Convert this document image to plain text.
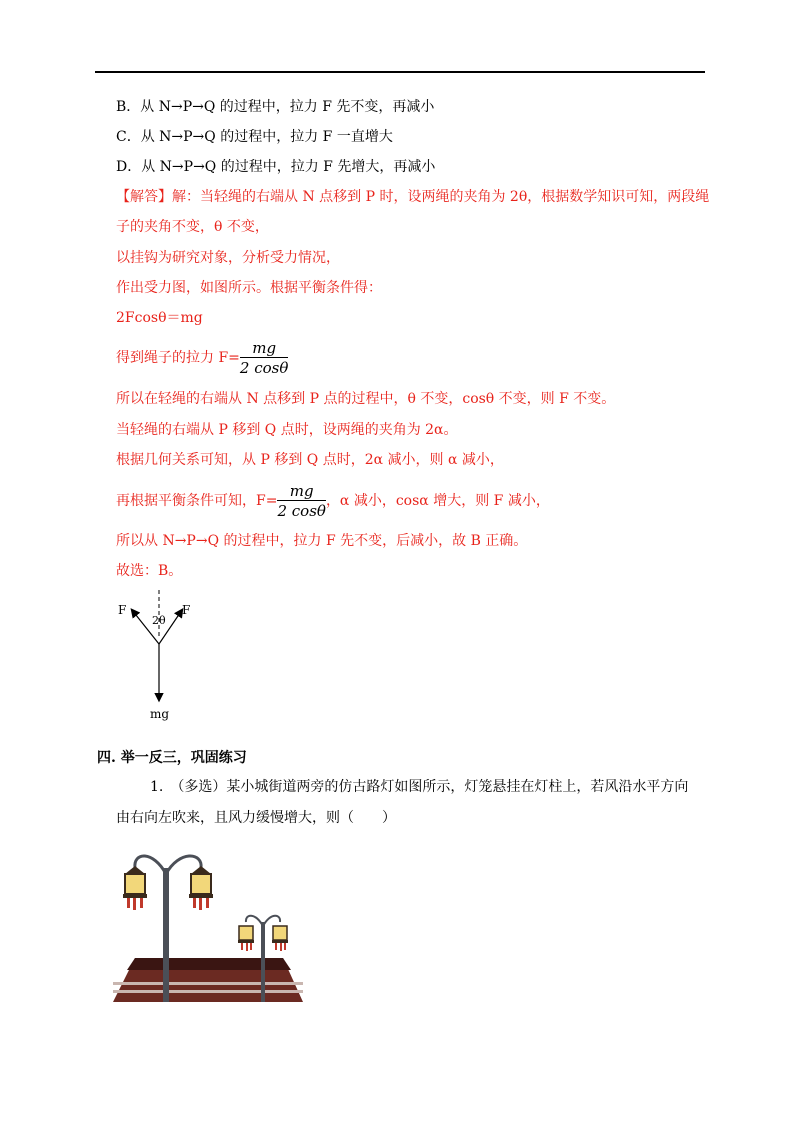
B．从 N→P→Q 的过程中，拉力 F 先不变，再减小
C．从 N→P→Q 的过程中，拉力 F 一直增大
D．从 N→P→Q 的过程中，拉力 F 先增大，再减小
【解答】解：当轻绳的右端从 N 点移到 P 时，设两绳的夹角为 2θ，根据数学知识可知，两段绳
子的夹角不变，θ 不变，
以挂钩为研究对象，分析受力情况，
作出受力图，如图所示。根据平衡条件得：
2Fcosθ＝mg
得到绳子的拉力 $F= \frac{mg}{2 \cos\theta}$
所以在轻绳的右端从 N 点移到 P 点的过程中，θ 不变，cosθ 不变，则 F 不变。
当轻绳的右端从 P 移到 Q 点时，设两绳的夹角为 2α。
根据几何关系可知，从 P 移到 Q 点时，2α 减小，则 α 减小，
再根据平衡条件可知，$F= \frac{mg}{2 \cos\theta}$ ，α 减小，cosα 增大，则 F 减小，
所以从 N→P→Q 的过程中，拉力 F 先不变，后减小，故 B 正确。
故选：B。
F	F
2θ
mg
四. 举一反三，巩固练习
1.　（多选）某小城街道两旁的仿古路灯如图所示，灯笼悬挂在灯柱上，若风沿水平方向
由右向左吹来，且风力缓慢增大，则（　　）
